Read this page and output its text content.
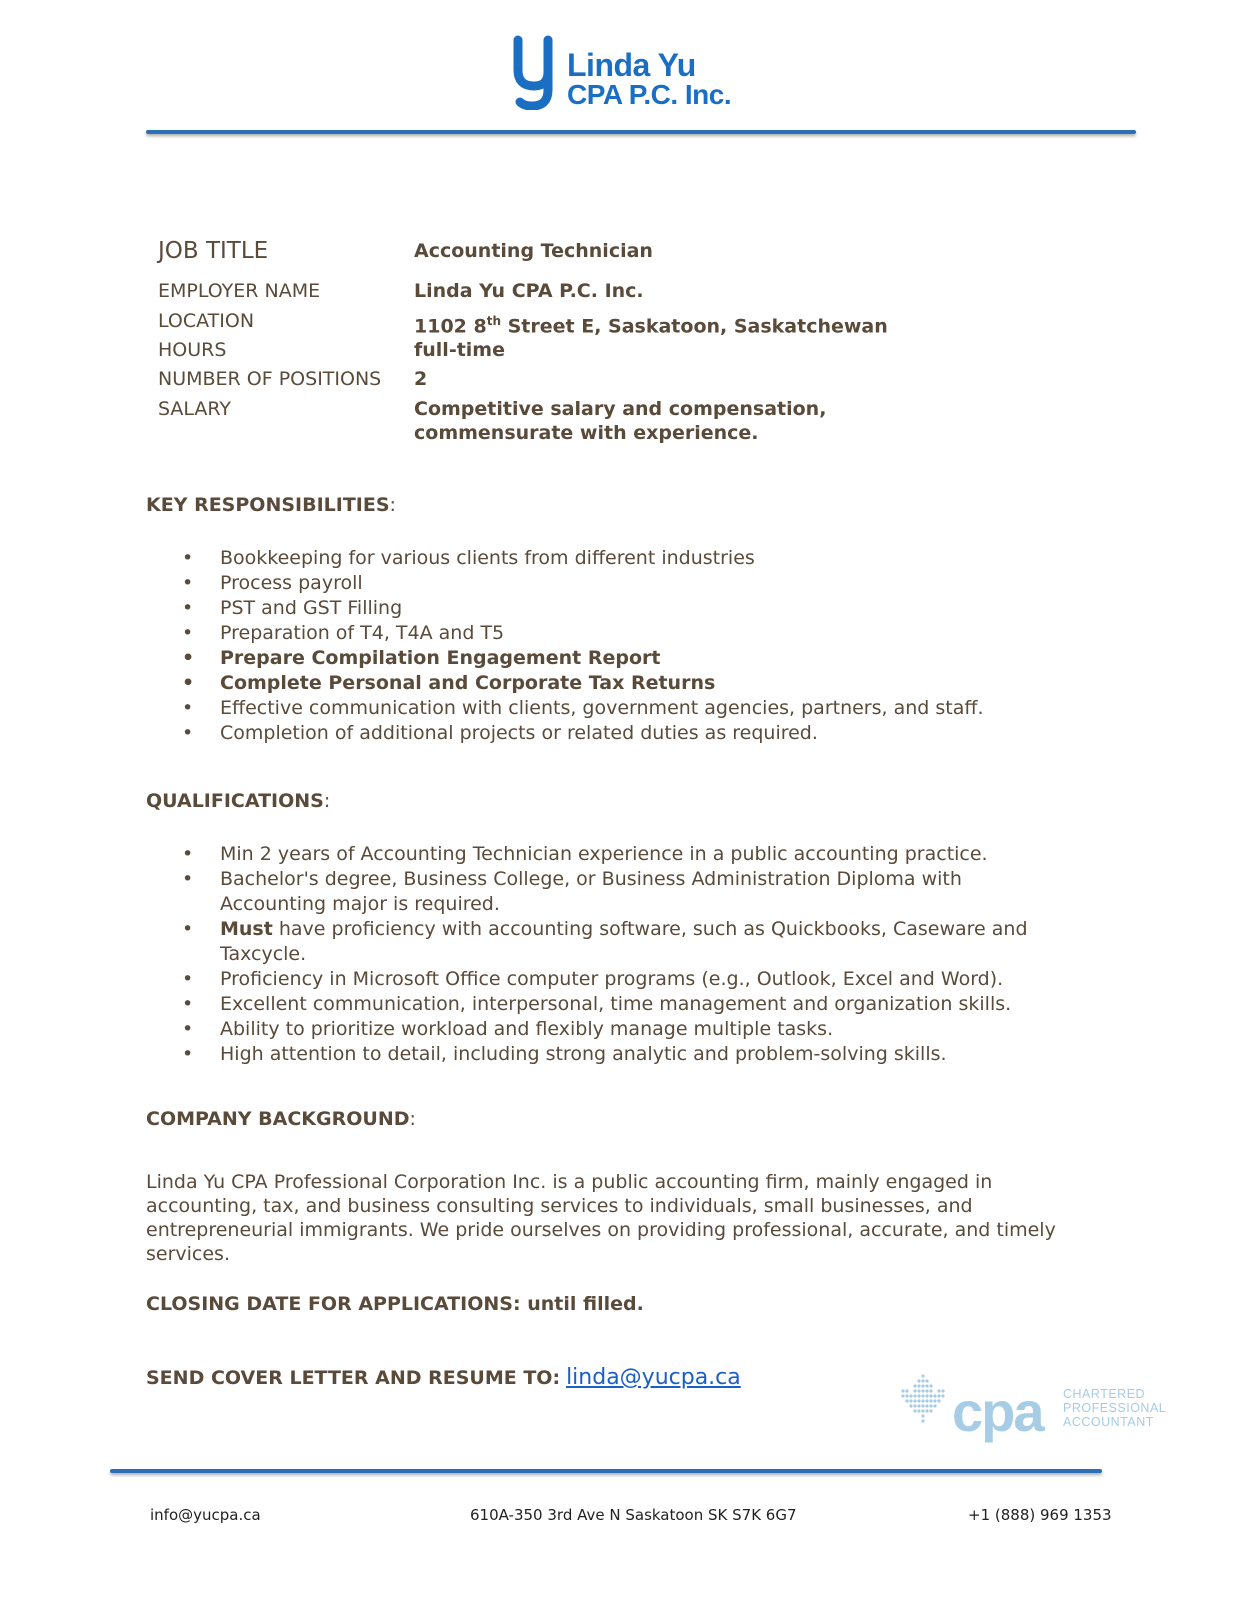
Linda Yu
CPA P.C. Inc.
JOB TITLE	Accounting Technician
EMPLOYER NAME	Linda Yu CPA P.C. Inc.
LOCATION	1102 8th Street E, Saskatoon, Saskatchewan
HOURS	full-time
NUMBER OF POSITIONS	2
SALARY	Competitive salary and compensation, commensurate with experience.
KEY RESPONSIBILITIES:
• Bookkeeping for various clients from different industries
• Process payroll
• PST and GST Filling
• Preparation of T4, T4A and T5
• Prepare Compilation Engagement Report
• Complete Personal and Corporate Tax Returns
• Effective communication with clients, government agencies, partners, and staff.
• Completion of additional projects or related duties as required.
QUALIFICATIONS:
• Min 2 years of Accounting Technician experience in a public accounting practice.
• Bachelor's degree, Business College, or Business Administration Diploma with Accounting major is required.
• Must have proficiency with accounting software, such as Quickbooks, Caseware and Taxcycle.
• Proficiency in Microsoft Office computer programs (e.g., Outlook, Excel and Word).
• Excellent communication, interpersonal, time management and organization skills.
• Ability to prioritize workload and flexibly manage multiple tasks.
• High attention to detail, including strong analytic and problem-solving skills.
COMPANY BACKGROUND:
Linda Yu CPA Professional Corporation Inc. is a public accounting firm, mainly engaged in accounting, tax, and business consulting services to individuals, small businesses, and entrepreneurial immigrants. We pride ourselves on providing professional, accurate, and timely services.
CLOSING DATE FOR APPLICATIONS: until filled.
SEND COVER LETTER AND RESUME TO: linda@yucpa.ca
cpa CHARTERED
PROFESSIONAL
ACCOUNTANT
info@yucpa.ca	610A-350 3rd Ave N Saskatoon SK S7K 6G7	+1 (888) 969 1353
